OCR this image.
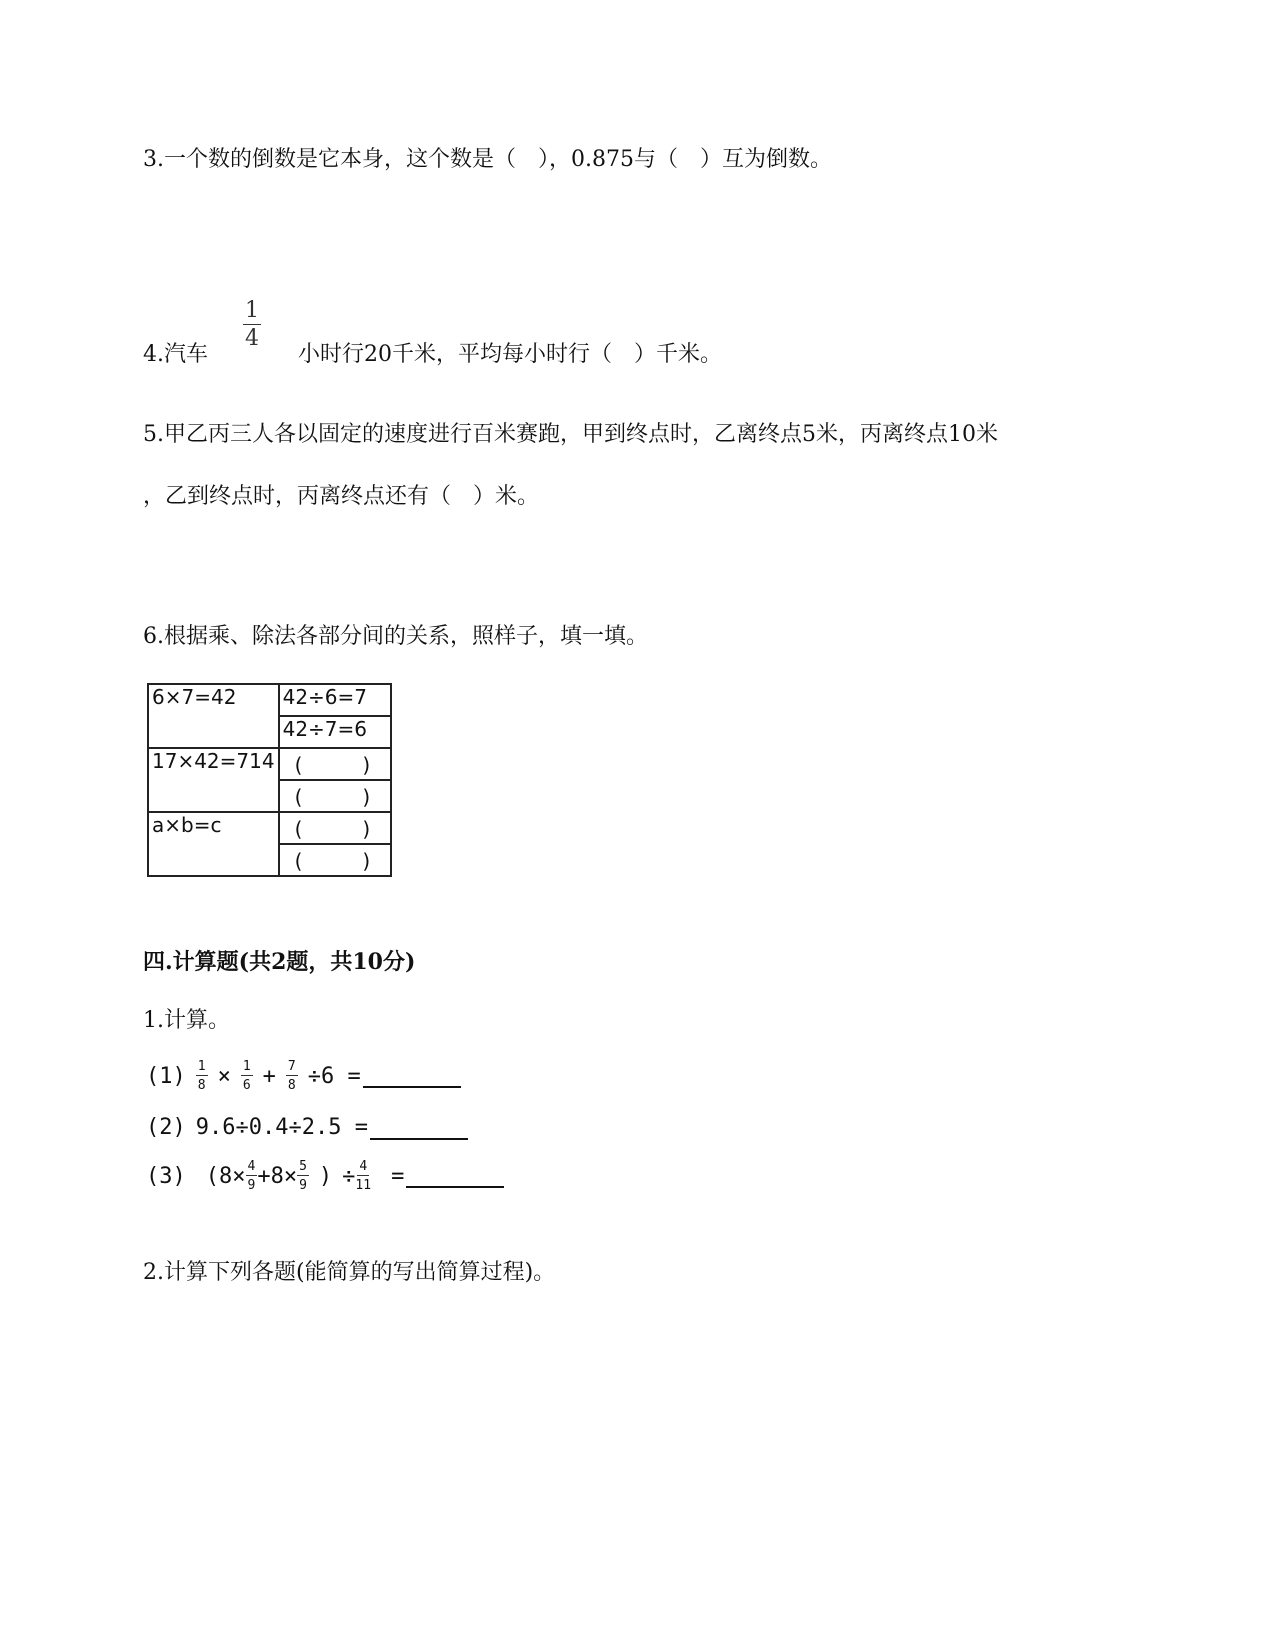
3.一个数的倒数是它本身，这个数是（　），0.875与（　）互为倒数。
4.汽车
$\frac{1}{4}$
小时行20千米，平均每小时行（　）千米。
5.甲乙丙三人各以固定的速度进行百米赛跑，甲到终点时，乙离终点5米，丙离终点10米
，乙到终点时，丙离终点还有（　）米。
6.根据乘、除法各部分间的关系，照样子，填一填。
6×7=42	42÷6=7
	42÷7=6
17×42=714	(　　　)
	(　　　)
a×b=c	(　　　)
	(　　　)
四.计算题(共2题，共10分)
1.计算。
$(1) \frac{1}{8} \times \frac{1}{6} + \frac{7}{8} \div 6$ =
(2) 9.6÷0.4÷2.5 =
(3) ($8\times \frac{4}{9} +8\times \frac{5}{9}$ ) ÷ $\frac{4}{11}$ =
2.计算下列各题(能简算的写出简算过程)。
